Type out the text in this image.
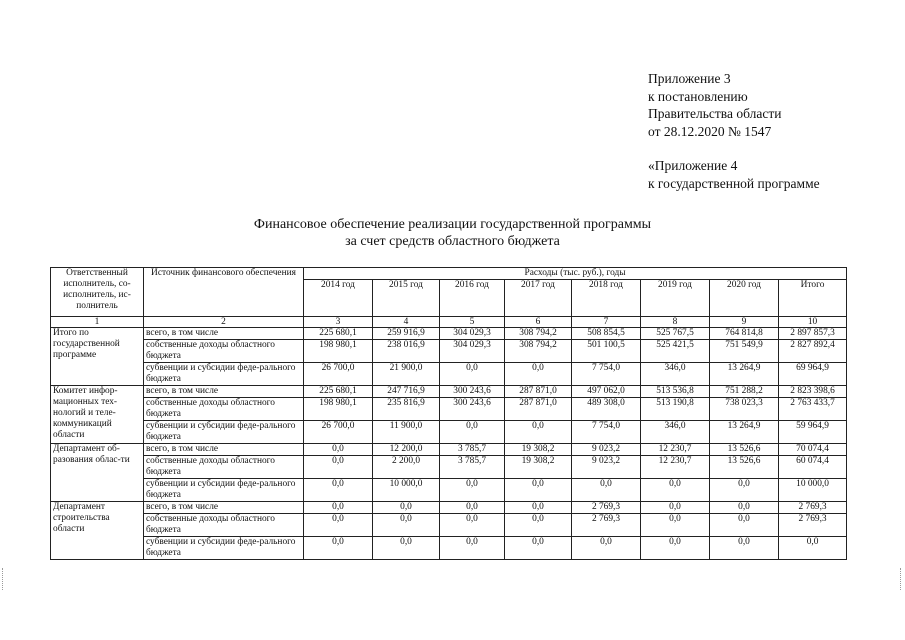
Приложение 3
к постановлению
Правительства области
от 28.12.2020 № 1547
«Приложение 4
к государственной программе
Финансовое обеспечение реализации государственной программы
за счет средств областного бюджета
Ответственный исполнитель, со-исполнитель, ис-полнитель	Источник финансового обеспечения	Расходы (тыс. руб.), годы							
		2014 год	2015 год	2016 год	2017 год	2018 год	2019 год	2020 год	Итого
1	2	3	4	5	6	7	8	9	10
Итого по государственной программе	всего, в том числе	225 680,1	259 916,9	304 029,3	308 794,2	508 854,5	525 767,5	764 814,8	2 897 857,3
	собственные доходы областного бюджета	198 980,1	238 016,9	304 029,3	308 794,2	501 100,5	525 421,5	751 549,9	2 827 892,4
	субвенции и субсидии феде-рального бюджета	26 700,0	21 900,0	0,0	0,0	7 754,0	346,0	13 264,9	69 964,9
Комитет инфор-мационных тех-нологий и теле-коммуникаций области	всего, в том числе	225 680,1	247 716,9	300 243,6	287 871,0	497 062,0	513 536,8	751 288,2	2 823 398,6
	собственные доходы областного бюджета	198 980,1	235 816,9	300 243,6	287 871,0	489 308,0	513 190,8	738 023,3	2 763 433,7
	субвенции и субсидии феде-рального бюджета	26 700,0	11 900,0	0,0	0,0	7 754,0	346,0	13 264,9	59 964,9
Департамент об-разования облас-ти	всего, в том числе	0,0	12 200,0	3 785,7	19 308,2	9 023,2	12 230,7	13 526,6	70 074,4
	собственные доходы областного бюджета	0,0	2 200,0	3 785,7	19 308,2	9 023,2	12 230,7	13 526,6	60 074,4
	субвенции и субсидии феде-рального бюджета	0,0	10 000,0	0,0	0,0	0,0	0,0	0,0	10 000,0
Департамент строительства области	всего, в том числе	0,0	0,0	0,0	0,0	2 769,3	0,0	0,0	2 769,3
	собственные доходы областного бюджета	0,0	0,0	0,0	0,0	2 769,3	0,0	0,0	2 769,3
	субвенции и субсидии феде-рального бюджета	0,0	0,0	0,0	0,0	0,0	0,0	0,0	0,0
